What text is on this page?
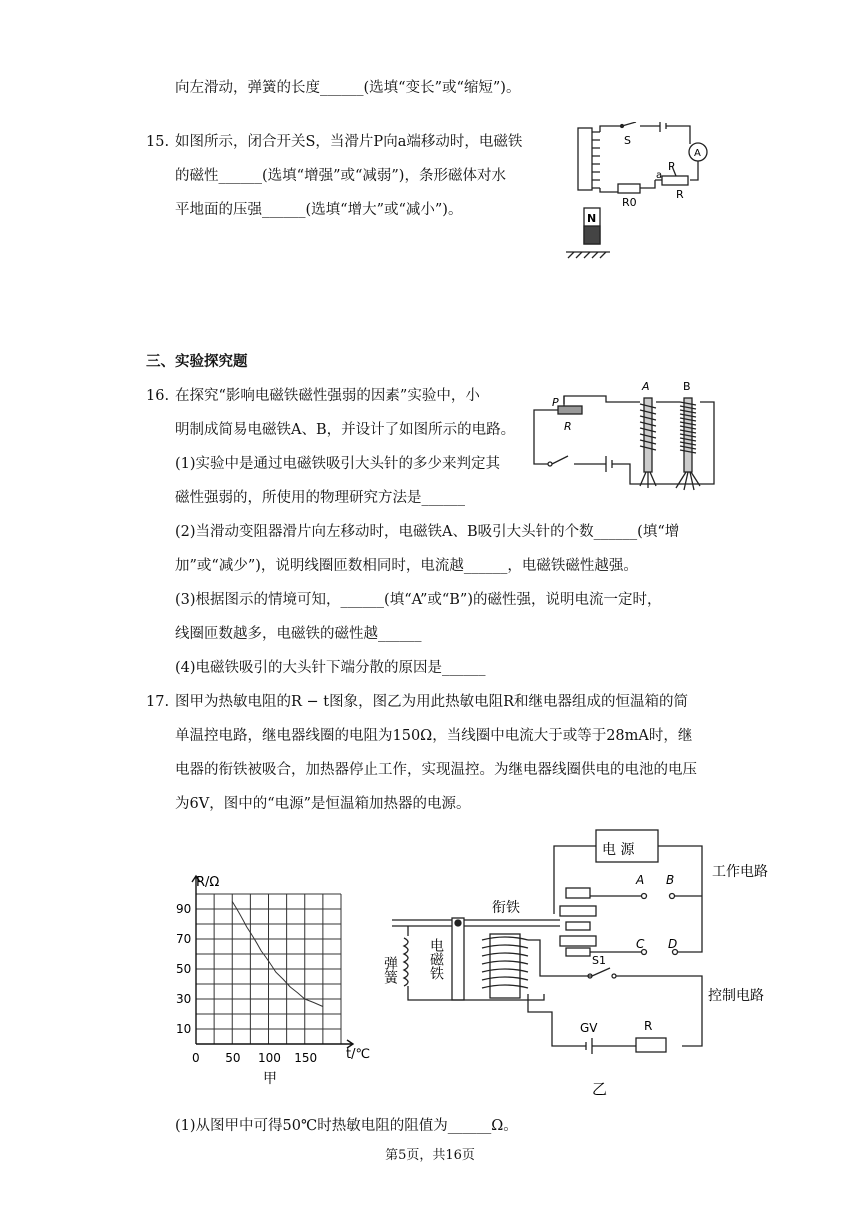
向左滑动，弹簧的长度______(选填“变长”或“缩短”)。
15. 如图所示，闭合开关S，当滑片P向a端移动时，电磁铁
的磁性______(选填“增强”或“减弱”)，条形磁体对水
平地面的压强______(选填“增大”或“减小”)。
S
A
P
a
R
R0
N
三、实验探究题
16. 在探究“影响电磁铁磁性强弱的因素”实验中，小
明制成简易电磁铁A、B，并设计了如图所示的电路。
(1)实验中是通过电磁铁吸引大头针的多少来判定其
磁性强弱的，所使用的物理研究方法是______
(2)当滑动变阻器滑片向左移动时，电磁铁A、B吸引大头针的个数______(填“增
加”或“减少”)，说明线圈匝数相同时，电流越______，电磁铁磁性越强。
(3)根据图示的情境可知，______(填“A”或“B”)的磁性强，说明电流一定时，
线圈匝数越多，电磁铁的磁性越______
(4)电磁铁吸引的大头针下端分散的原因是______
A	B
P
R
17. 图甲为热敏电阻的R − t图象，图乙为用此热敏电阻R和继电器组成的恒温箱的简
单温控电路，继电器线圈的电阻为150Ω，当线圈中电流大于或等于28mA时，继
电器的衔铁被吸合，加热器停止工作，实现温控。为继电器线圈供电的电池的电压
为6V，图中的“电源”是恒温箱加热器的电源。
10
30
50
70
90
0 50 100 150
R/Ω
t/℃
甲
电 源
衔铁
弹簧 电磁铁
A B
C D
工作电路
S1
控制电路
GV	R
乙
(1)从图甲中可得50℃时热敏电阻的阻值为______Ω。
第5页，共16页
